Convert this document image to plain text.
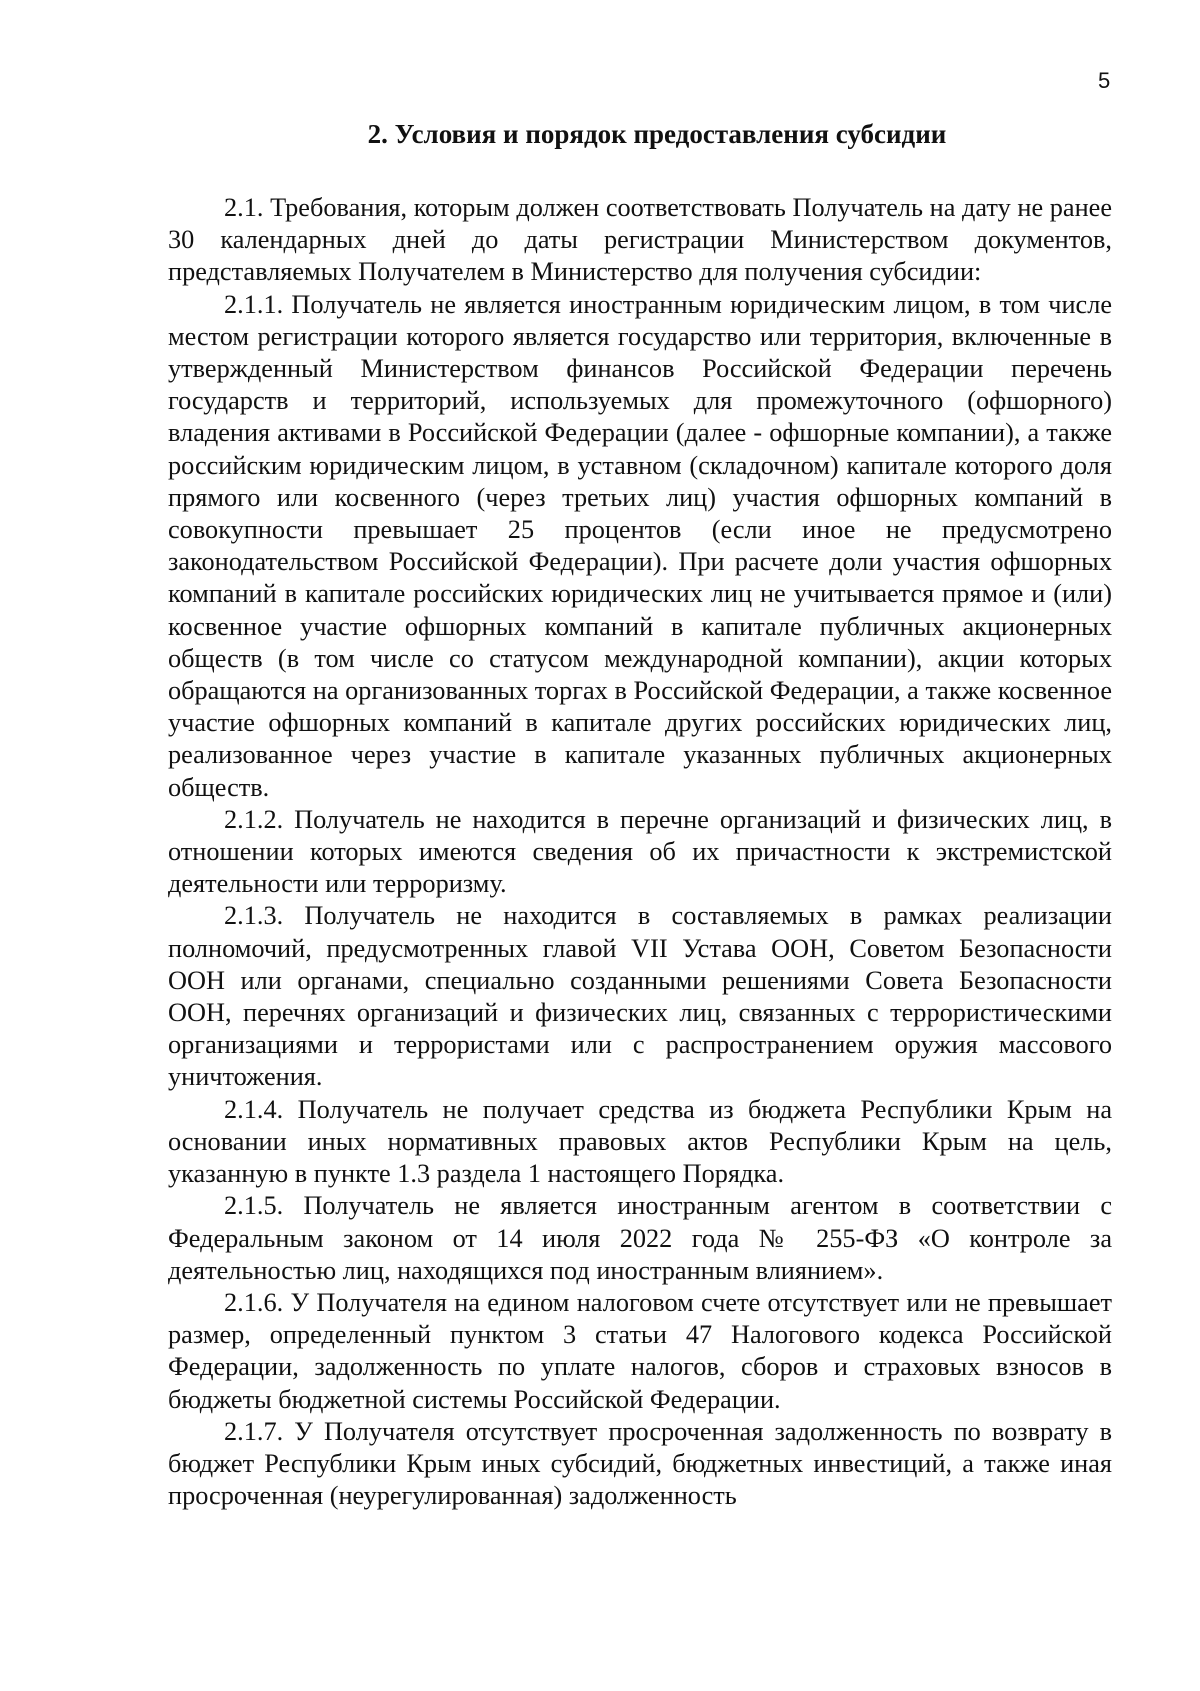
5
2. Условия и порядок предоставления субсидии

2.1. Требования, которым должен соответствовать Получатель на дату не ранее 30 календарных дней до даты регистрации Министерством документов, представляемых Получателем в Министерство для получения субсидии:

2.1.1. Получатель не является иностранным юридическим лицом, в том числе местом регистрации которого является государство или территория, включенные в утвержденный Министерством финансов Российской Федерации перечень государств и территорий, используемых для промежуточного (офшорного) владения активами в Российской Федерации (далее - офшорные компании), а также российским юридическим лицом, в уставном (складочном) капитале которого доля прямого или косвенного (через третьих лиц) участия офшорных компаний в совокупности превышает 25 процентов (если иное не предусмотрено законодательством Российской Федерации). При расчете доли участия офшорных компаний в капитале российских юридических лиц не учитывается прямое и (или) косвенное участие офшорных компаний в капитале публичных акционерных обществ (в том числе со статусом международной компании), акции которых обращаются на организованных торгах в Российской Федерации, а также косвенное участие офшорных компаний в капитале других российских юридических лиц, реализованное через участие в капитале указанных публичных акционерных обществ.

2.1.2. Получатель не находится в перечне организаций и физических лиц, в отношении которых имеются сведения об их причастности к экстремистской деятельности или терроризму.

2.1.3. Получатель не находится в составляемых в рамках реализации полномочий, предусмотренных главой VII Устава ООН, Советом Безопасности ООН или органами, специально созданными решениями Совета Безопасности ООН, перечнях организаций и физических лиц, связанных с террористическими организациями и террористами или с распространением оружия массового уничтожения.

2.1.4. Получатель не получает средства из бюджета Республики Крым на основании иных нормативных правовых актов Республики Крым на цель, указанную в пункте 1.3 раздела 1 настоящего Порядка.

2.1.5. Получатель не является иностранным агентом в соответствии с Федеральным законом от 14 июля 2022 года № 255-ФЗ «О контроле за деятельностью лиц, находящихся под иностранным влиянием».

2.1.6. У Получателя на едином налоговом счете отсутствует или не превышает размер, определенный пунктом 3 статьи 47 Налогового кодекса Российской Федерации, задолженность по уплате налогов, сборов и страховых взносов в бюджеты бюджетной системы Российской Федерации.

2.1.7. У Получателя отсутствует просроченная задолженность по возврату в бюджет Республики Крым иных субсидий, бюджетных инвестиций, а также иная просроченная (неурегулированная) задолженность
